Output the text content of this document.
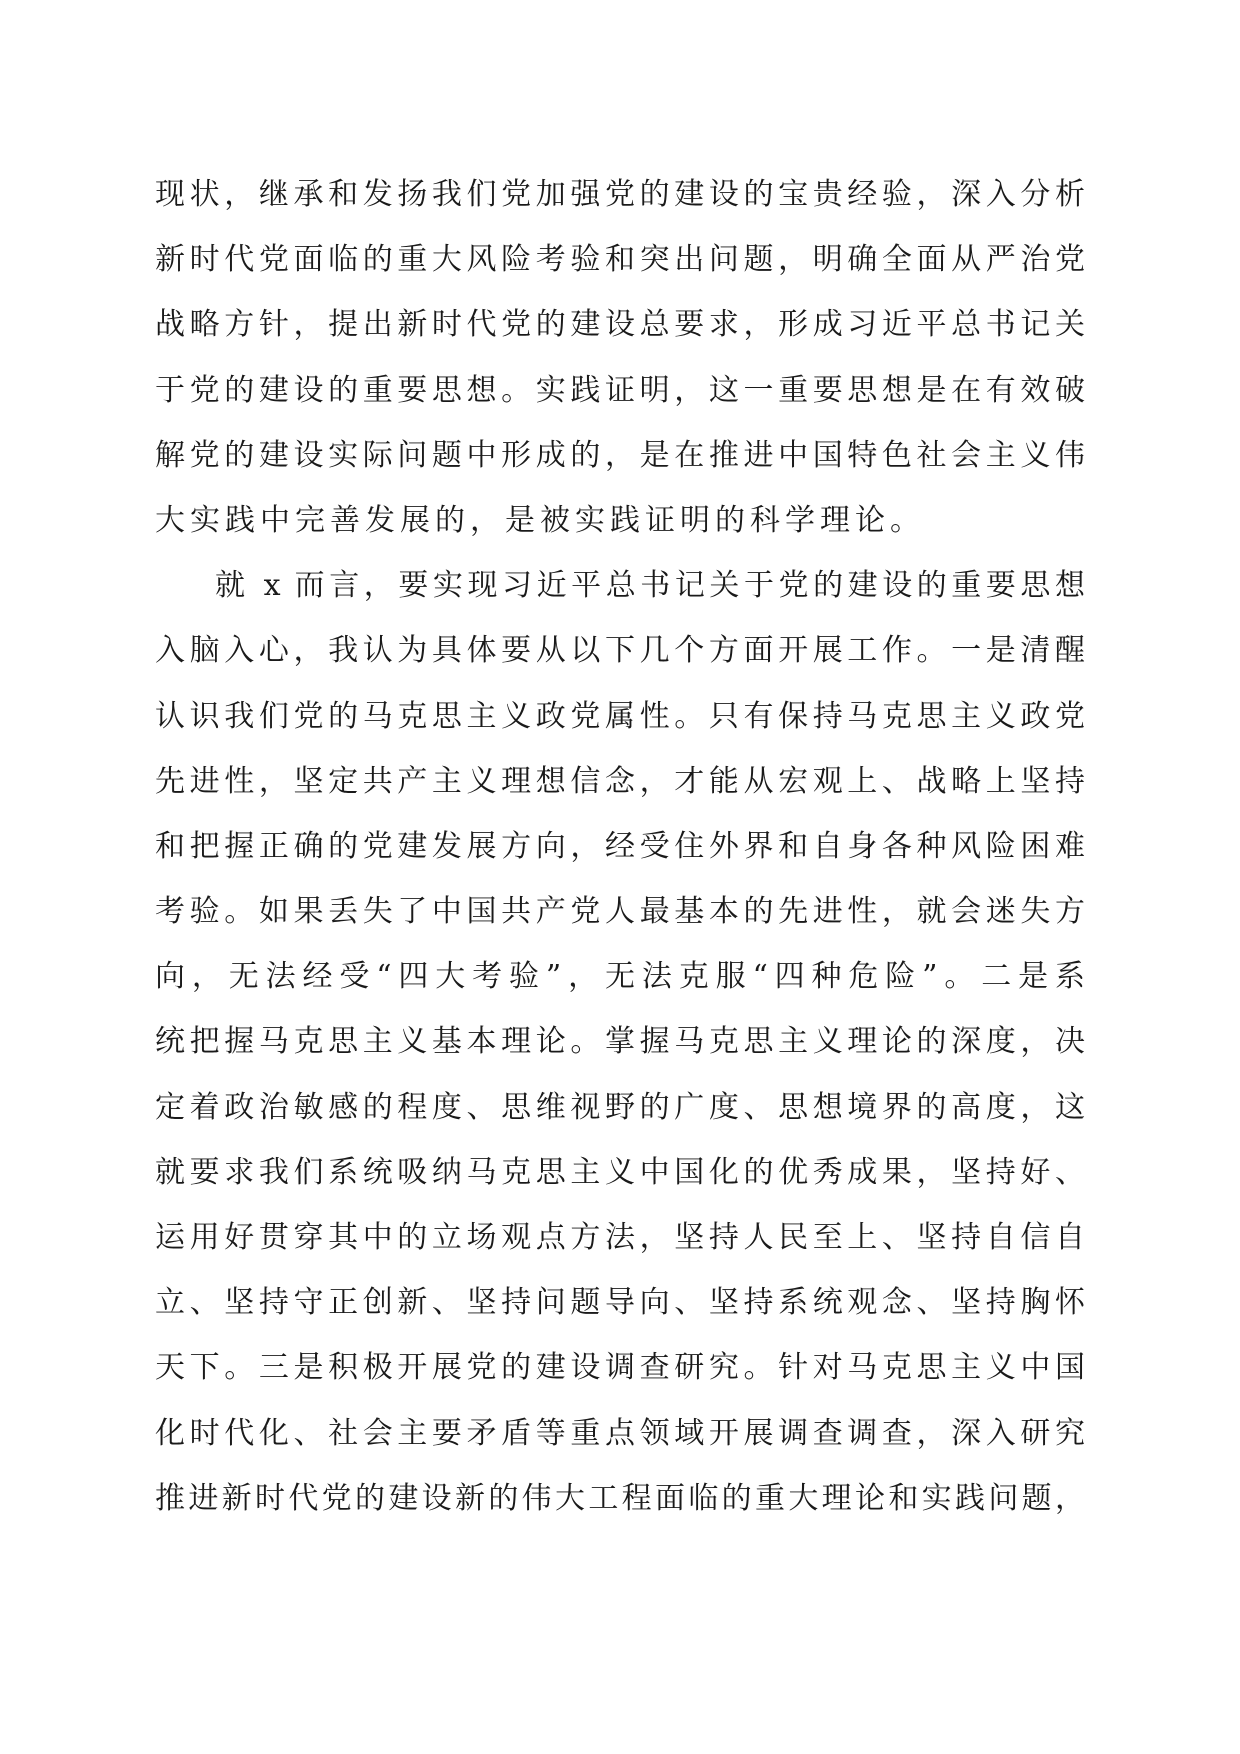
现状，继承和发扬我们党加强党的建设的宝贵经验，深入分析
新时代党面临的重大风险考验和突出问题，明确全面从严治党
战略方针，提出新时代党的建设总要求，形成习近平总书记关
于党的建设的重要思想。实践证明，这一重要思想是在有效破
解党的建设实际问题中形成的，是在推进中国特色社会主义伟
大实践中完善发展的，是被实践证明的科学理论。
就 x 而言，要实现习近平总书记关于党的建设的重要思想
入脑入心，我认为具体要从以下几个方面开展工作。一是清醒
认识我们党的马克思主义政党属性。只有保持马克思主义政党
先进性，坚定共产主义理想信念，才能从宏观上、战略上坚持
和把握正确的党建发展方向，经受住外界和自身各种风险困难
考验。如果丢失了中国共产党人最基本的先进性，就会迷失方
向，无法经受“四大考验”，无法克服“四种危险”。二是系
统把握马克思主义基本理论。掌握马克思主义理论的深度，决
定着政治敏感的程度、思维视野的广度、思想境界的高度，这
就要求我们系统吸纳马克思主义中国化的优秀成果，坚持好、
运用好贯穿其中的立场观点方法，坚持人民至上、坚持自信自
立、坚持守正创新、坚持问题导向、坚持系统观念、坚持胸怀
天下。三是积极开展党的建设调查研究。针对马克思主义中国
化时代化、社会主要矛盾等重点领域开展调查调查，深入研究
推进新时代党的建设新的伟大工程面临的重大理论和实践问题，
